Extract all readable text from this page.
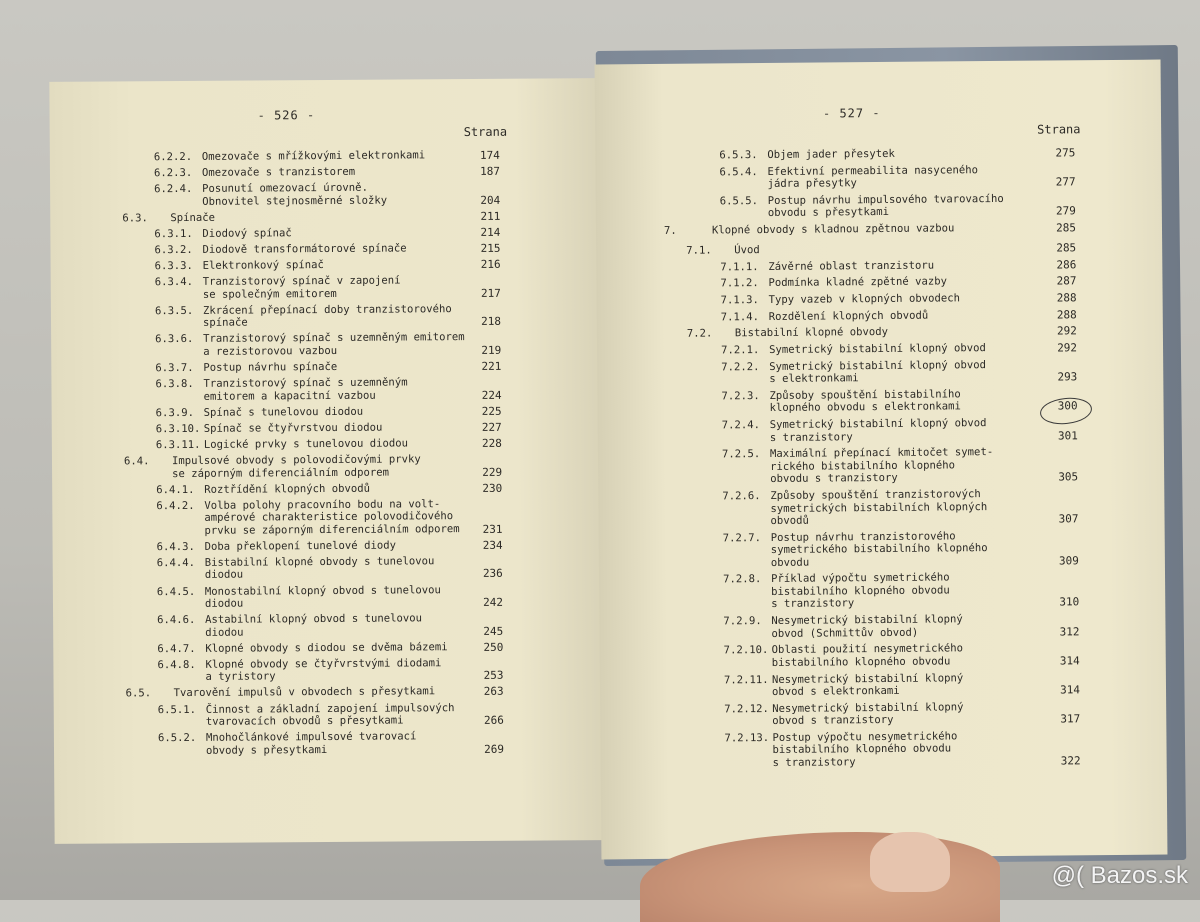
- 526 -
Strana
6.2.2. Omezovače s mřížkovými elektronkami	174
6.2.3. Omezovače s tranzistorem	187
6.2.4. Posunutí omezovací úrovně.
Obnovitel stejnosměrné složky	204
6.3. Spínače	211
6.3.1. Diodový spínač	214
6.3.2. Diodově transformátorové spínače	215
6.3.3. Elektronkový spínač	216
6.3.4. Tranzistorový spínač v zapojení
se společným emitorem	217
6.3.5. Zkrácení přepínací doby tranzistorového
spínače	218
6.3.6. Tranzistorový spínač s uzemněným emitorem
a rezistorovou vazbou	219
6.3.7. Postup návrhu spínače	221
6.3.8. Tranzistorový spínač s uzemněným
emitorem a kapacitní vazbou	224
6.3.9. Spínač s tunelovou diodou	225
6.3.10. Spínač se čtyřvrstvou diodou	227
6.3.11. Logické prvky s tunelovou diodou	228
6.4. Impulsové obvody s polovodičovými prvky
se záporným diferenciálním odporem	229
6.4.1. Roztřídění klopných obvodů	230
6.4.2. Volba polohy pracovního bodu na volt-
ampérové charakteristice polovodičového
prvku se záporným diferenciálním odporem	231
6.4.3. Doba překlopení tunelové diody	234
6.4.4. Bistabilní klopné obvody s tunelovou
diodou	236
6.4.5. Monostabilní klopný obvod s tunelovou
diodou	242
6.4.6. Astabilní klopný obvod s tunelovou
diodou	245
6.4.7. Klopné obvody s diodou se dvěma bázemi	250
6.4.8. Klopné obvody se čtyřvrstvými diodami
a tyristory	253
6.5. Tvarovění impulsů v obvodech s přesytkami	263
6.5.1. Činnost a základní zapojení impulsových
tvarovacích obvodů s přesytkami	266
6.5.2. Mnohočlánkové impulsové tvarovací
obvody s přesytkami	269
- 527 -
Strana
6.5.3. Objem jader přesytek	275
6.5.4. Efektivní permeabilita nasyceného
jádra přesytky	277
6.5.5. Postup návrhu impulsového tvarovacího
obvodu s přesytkami	279
7.	Klopné obvody s kladnou zpětnou vazbou	285
7.1. Úvod	285
7.1.1. Závěrné oblast tranzistoru	286
7.1.2. Podmínka kladné zpětné vazby	287
7.1.3. Typy vazeb v klopných obvodech	288
7.1.4. Rozdělení klopných obvodů	288
7.2. Bistabilní klopné obvody	292
7.2.1. Symetrický bistabilní klopný obvod	292
7.2.2. Symetrický bistabilní klopný obvod
s elektronkami	293
7.2.3. Způsoby spouštění bistabilního
klopného obvodu s elektronkami	300
7.2.4. Symetrický bistabilní klopný obvod
s tranzistory	301
7.2.5. Maximální přepínací kmitočet symet-
rického bistabilního klopného
obvodu s tranzistory	305
7.2.6. Způsoby spouštění tranzistorových
symetrických bistabilních klopných
obvodů	307
7.2.7. Postup návrhu tranzistorového
symetrického bistabilního klopného
obvodu	309
7.2.8. Příklad výpočtu symetrického
bistabilního klopného obvodu
s tranzistory	310
7.2.9. Nesymetrický bistabilní klopný
obvod (Schmittův obvod)	312
7.2.10. Oblasti použití nesymetrického
bistabilního klopného obvodu	314
7.2.11. Nesymetrický bistabilní klopný
obvod s elektronkami	314
7.2.12. Nesymetrický bistabilní klopný
obvod s tranzistory	317
7.2.13. Postup výpočtu nesymetrického
bistabilního klopného obvodu
s tranzistory	322
@( Bazos.sk
